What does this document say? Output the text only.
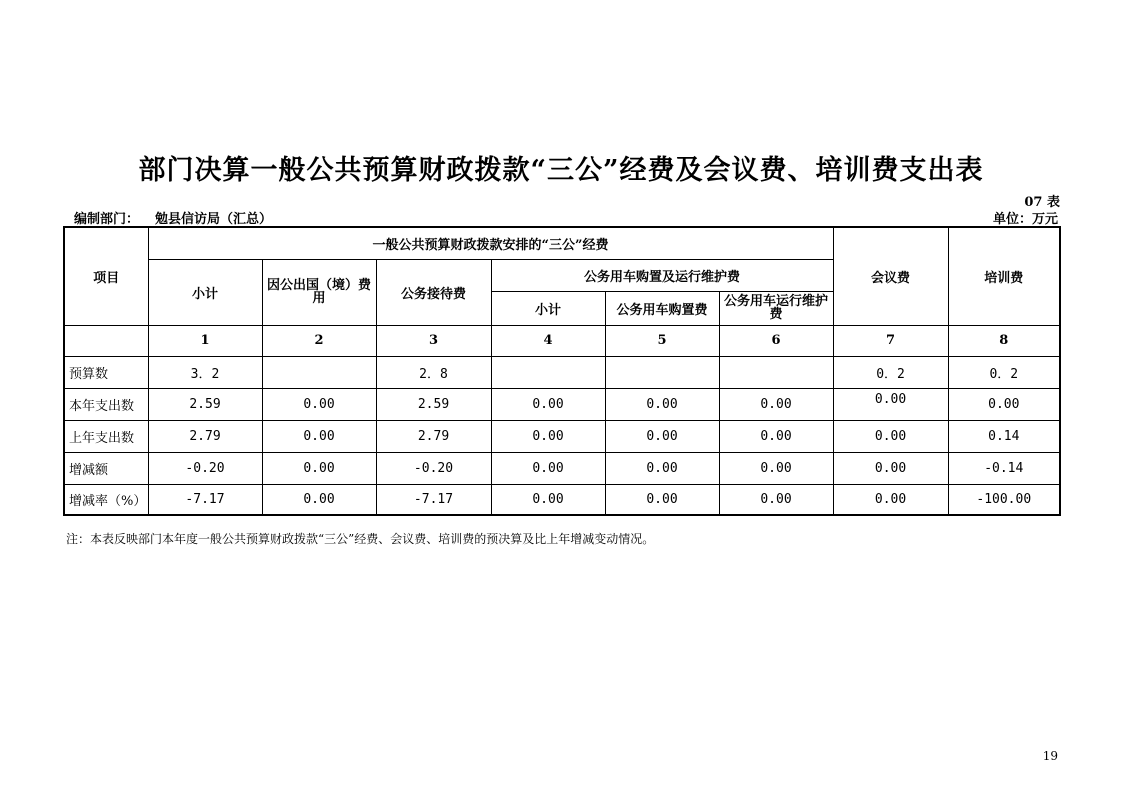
部门决算一般公共预算财政拨款“三公”经费及会议费、培训费支出表
07 表
编制部门： 勉县信访局（汇总）	单位：万元
项目	一般公共预算财政拨款安排的“三公”经费						会议费	培训费
	小计	因公出国（境）费用	公务接待费	公务用车购置及运行维护费				
				小计	公务用车购置费	公务用车运行维护费		
	1	2	3	4	5	6	7	8
预算数	3．2		2．8				0．2	0．2
本年支出数	2.59	0.00	2.59	0.00	0.00	0.00	0.00	0.00
上年支出数	2.79	0.00	2.79	0.00	0.00	0.00	0.00	0.14
增减额	-0.20	0.00	-0.20	0.00	0.00	0.00	0.00	-0.14
增减率（%）	-7.17	0.00	-7.17	0.00	0.00	0.00	0.00	-100.00
注：本表反映部门本年度一般公共预算财政拨款“三公”经费、会议费、培训费的预决算及比上年增减变动情况。
19
